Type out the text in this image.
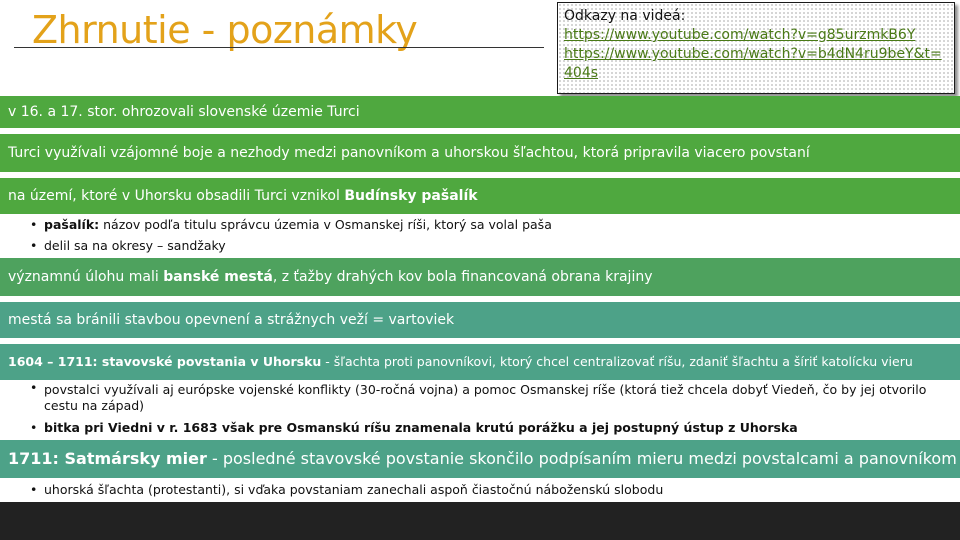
Zhrnutie - poznámky	Odkazy na videá:
https://www.youtube.com/watch?v=g85urzmkB6Y
https://www.youtube.com/watch?v=b4dN4ru9beY&t=404s
v 16. a 17. stor. ohrozovali slovenské územie Turci
Turci využívali vzájomné boje a nezhody medzi panovníkom a uhorskou šľachtou, ktorá pripravila viacero povstaní
na území, ktoré v Uhorsku obsadili Turci vznikol Budínsky pašalík
• pašalík: názov podľa titulu správcu územia v Osmanskej ríši, ktorý sa volal paša
• delil sa na okresy – sandžaky
významnú úlohu mali banské mestá, z ťažby drahých kov bola financovaná obrana krajiny
mestá sa bránili stavbou opevnení a strážnych veží = vartoviek
1604 – 1711: stavovské povstania v Uhorsku - šľachta proti panovníkovi, ktorý chcel centralizovať ríšu, zdaniť šľachtu a šíriť katolícku vieru
• povstalci využívali aj európske vojenské konflikty (30-ročná vojna) a pomoc Osmanskej ríše (ktorá tiež chcela dobyť Viedeň, čo by jej otvorilo cestu na západ)
• bitka pri Viedni v r. 1683 však pre Osmanskú ríšu znamenala krutú porážku a jej postupný ústup z Uhorska
1711: Satmársky mier - posledné stavovské povstanie skončilo podpísaním mieru medzi povstalcami a panovníkom
• uhorská šľachta (protestanti), si vďaka povstaniam zanechali aspoň čiastočnú náboženskú slobodu
